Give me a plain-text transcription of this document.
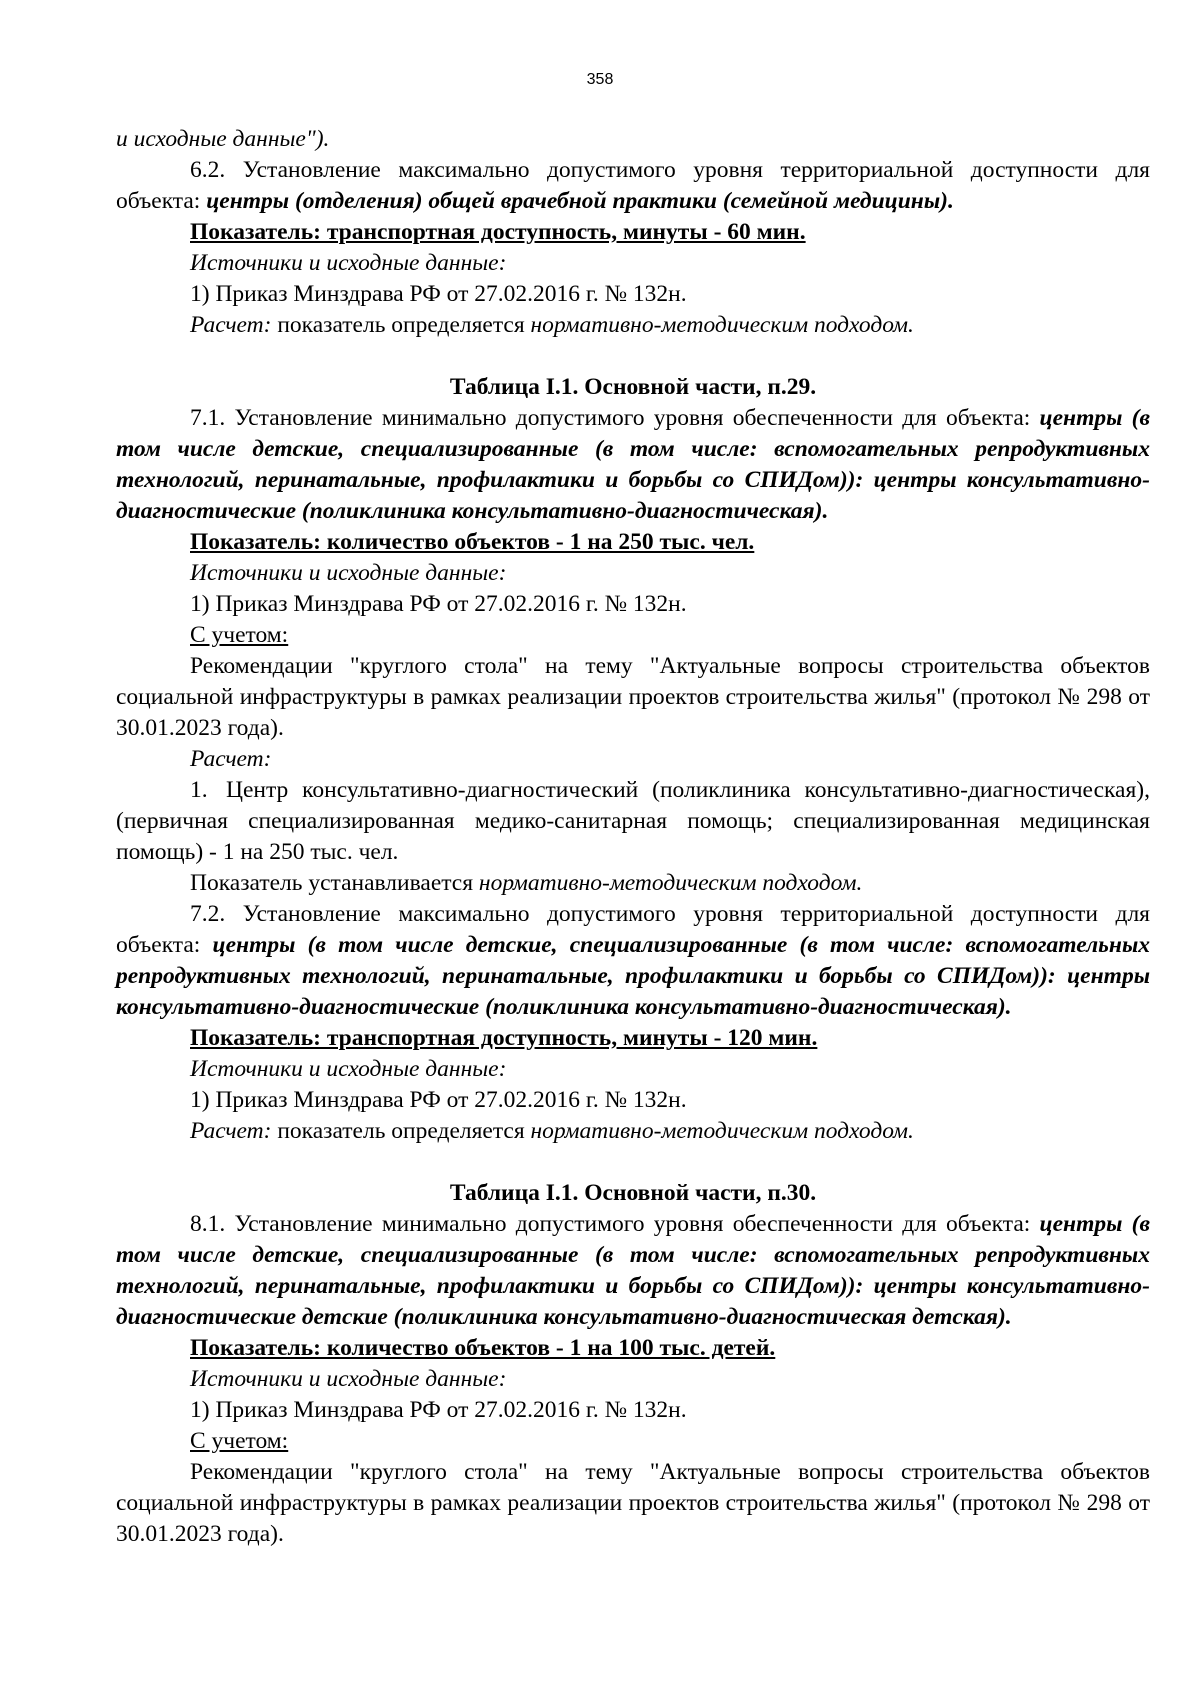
358

и исходные данные").

6.2. Установление максимально допустимого уровня территориальной доступности для объекта: центры (отделения) общей врачебной практики (семейной медицины).

Показатель: транспортная доступность, минуты - 60 мин.

Источники и исходные данные:

1) Приказ Минздрава РФ от 27.02.2016 г. № 132н.

Расчет: показатель определяется нормативно-методическим подходом.

Таблица I.1. Основной части, п.29.

7.1. Установление минимально допустимого уровня обеспеченности для объекта: центры (в том числе детские, специализированные (в том числе: вспомогательных репродуктивных технологий, перинатальные, профилактики и борьбы со СПИДом)): центры консультативно-диагностические (поликлиника консультативно-диагностическая).

Показатель: количество объектов - 1 на 250 тыс. чел.

Источники и исходные данные:

1) Приказ Минздрава РФ от 27.02.2016 г. № 132н.

С учетом:

Рекомендации "круглого стола" на тему "Актуальные вопросы строительства объектов социальной инфраструктуры в рамках реализации проектов строительства жилья" (протокол № 298 от 30.01.2023 года).

Расчет:

1. Центр консультативно-диагностический (поликлиника консультативно-диагностическая), (первичная специализированная медико-санитарная помощь; специализированная медицинская помощь) - 1 на 250 тыс. чел.

Показатель устанавливается нормативно-методическим подходом.

7.2. Установление максимально допустимого уровня территориальной доступности для объекта: центры (в том числе детские, специализированные (в том числе: вспомогательных репродуктивных технологий, перинатальные, профилактики и борьбы со СПИДом)): центры консультативно-диагностические (поликлиника консультативно-диагностическая).

Показатель: транспортная доступность, минуты - 120 мин.

Источники и исходные данные:

1) Приказ Минздрава РФ от 27.02.2016 г. № 132н.

Расчет: показатель определяется нормативно-методическим подходом.

Таблица I.1. Основной части, п.30.

8.1. Установление минимально допустимого уровня обеспеченности для объекта: центры (в том числе детские, специализированные (в том числе: вспомогательных репродуктивных технологий, перинатальные, профилактики и борьбы со СПИДом)): центры консультативно-диагностические детские (поликлиника консультативно-диагностическая детская).

Показатель: количество объектов - 1 на 100 тыс. детей.

Источники и исходные данные:

1) Приказ Минздрава РФ от 27.02.2016 г. № 132н.

С учетом:

Рекомендации "круглого стола" на тему "Актуальные вопросы строительства объектов социальной инфраструктуры в рамках реализации проектов строительства жилья" (протокол № 298 от 30.01.2023 года).
